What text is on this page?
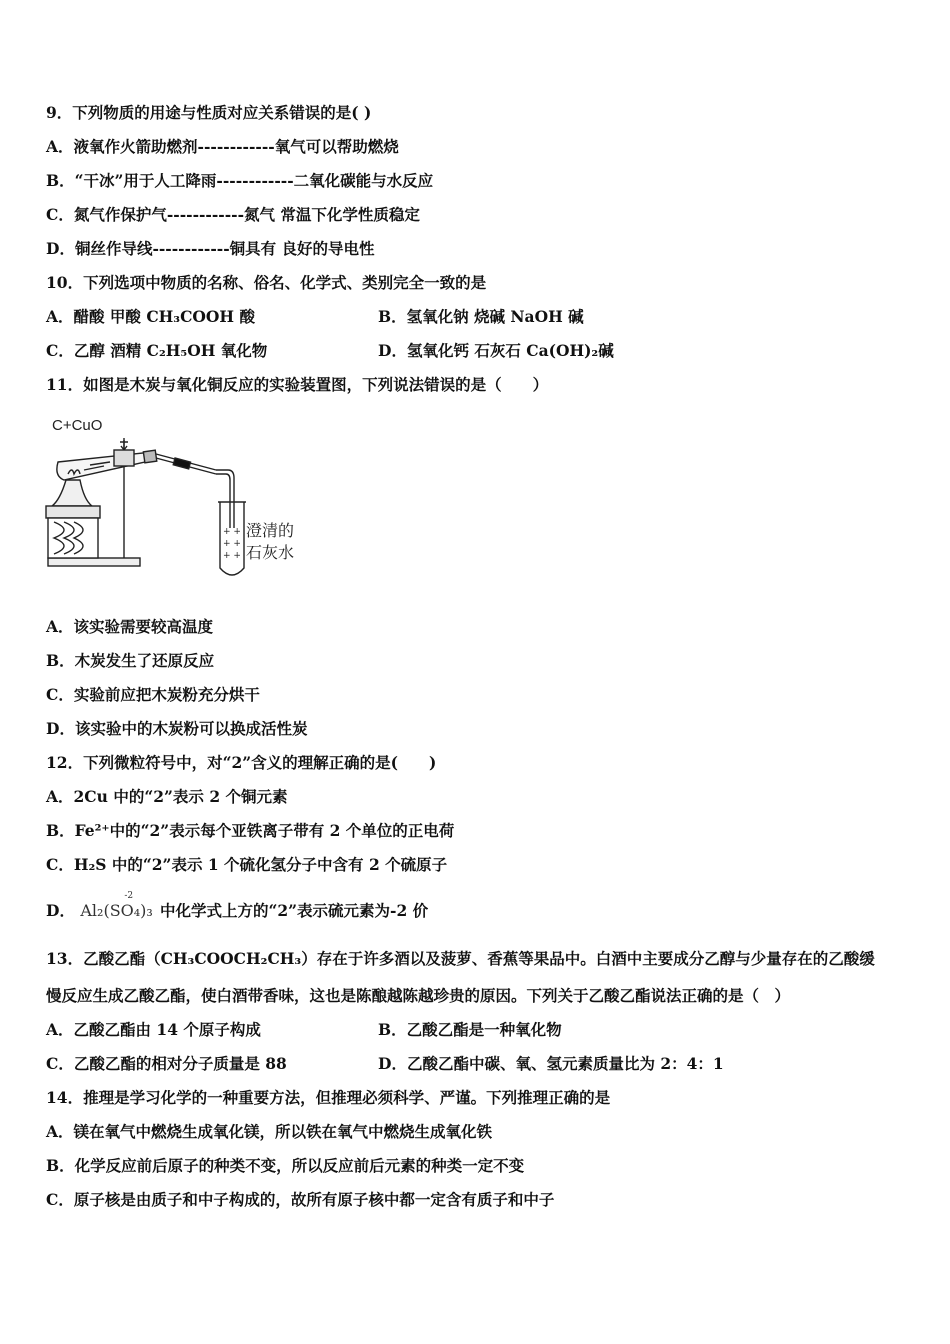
9．下列物质的用途与性质对应关系错误的是( )
A．液氧作火箭助燃剂------------氧气可以帮助燃烧
B．“干冰”用于人工降雨------------二氧化碳能与水反应
C．氮气作保护气------------氮气 常温下化学性质稳定
D．铜丝作导线------------铜具有 良好的导电性
10．下列选项中物质的名称、俗名、化学式、类别完全一致的是
A．醋酸 甲酸 CH₃COOH 酸	B．氢氧化钠 烧碱 NaOH 碱
C．乙醇 酒精 C₂H₅OH 氧化物	D．氢氧化钙 石灰石 Ca(OH)₂碱
11．如图是木炭与氧化铜反应的实验装置图，下列说法错误的是（　　）
C+CuO
+ +
+ +
+ +
澄清的
石灰水
A．该实验需要较高温度
B．木炭发生了还原反应
C．实验前应把木炭粉充分烘干
D．该实验中的木炭粉可以换成活性炭
12．下列微粒符号中，对“2”含义的理解正确的是(　　)
A．2Cu 中的“2”表示 2 个铜元素
B．Fe²⁺中的“2”表示每个亚铁离子带有 2 个单位的正电荷
C．H₂S 中的“2”表示 1 个硫化氢分子中含有 2 个硫原子
D．
-2
Al₂(SO₄)₃ 中化学式上方的“2”表示硫元素为-2 价
13．乙酸乙酯（CH₃COOCH₂CH₃）存在于许多酒以及菠萝、香蕉等果品中。白酒中主要成分乙醇与少量存在的乙酸缓
慢反应生成乙酸乙酯，使白酒带香味，这也是陈酿越陈越珍贵的原因。下列关于乙酸乙酯说法正确的是（　）
A．乙酸乙酯由 14 个原子构成	B．乙酸乙酯是一种氧化物
C．乙酸乙酯的相对分子质量是 88	D．乙酸乙酯中碳、氧、氢元素质量比为 2：4：1
14．推理是学习化学的一种重要方法，但推理必须科学、严谨。下列推理正确的是
A．镁在氧气中燃烧生成氧化镁，所以铁在氧气中燃烧生成氧化铁
B．化学反应前后原子的种类不变，所以反应前后元素的种类一定不变
C．原子核是由质子和中子构成的，故所有原子核中都一定含有质子和中子
